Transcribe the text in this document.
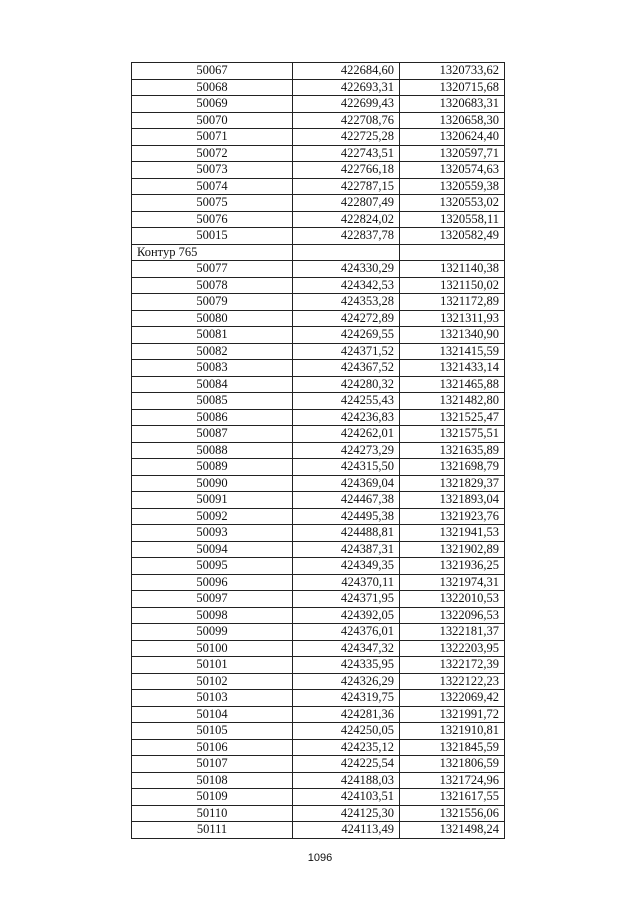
50067	422684,60	1320733,62
50068	422693,31	1320715,68
50069	422699,43	1320683,31
50070	422708,76	1320658,30
50071	422725,28	1320624,40
50072	422743,51	1320597,71
50073	422766,18	1320574,63
50074	422787,15	1320559,38
50075	422807,49	1320553,02
50076	422824,02	1320558,11
50015	422837,78	1320582,49
Контур 765		
50077	424330,29	1321140,38
50078	424342,53	1321150,02
50079	424353,28	1321172,89
50080	424272,89	1321311,93
50081	424269,55	1321340,90
50082	424371,52	1321415,59
50083	424367,52	1321433,14
50084	424280,32	1321465,88
50085	424255,43	1321482,80
50086	424236,83	1321525,47
50087	424262,01	1321575,51
50088	424273,29	1321635,89
50089	424315,50	1321698,79
50090	424369,04	1321829,37
50091	424467,38	1321893,04
50092	424495,38	1321923,76
50093	424488,81	1321941,53
50094	424387,31	1321902,89
50095	424349,35	1321936,25
50096	424370,11	1321974,31
50097	424371,95	1322010,53
50098	424392,05	1322096,53
50099	424376,01	1322181,37
50100	424347,32	1322203,95
50101	424335,95	1322172,39
50102	424326,29	1322122,23
50103	424319,75	1322069,42
50104	424281,36	1321991,72
50105	424250,05	1321910,81
50106	424235,12	1321845,59
50107	424225,54	1321806,59
50108	424188,03	1321724,96
50109	424103,51	1321617,55
50110	424125,30	1321556,06
50111	424113,49	1321498,24
1096
